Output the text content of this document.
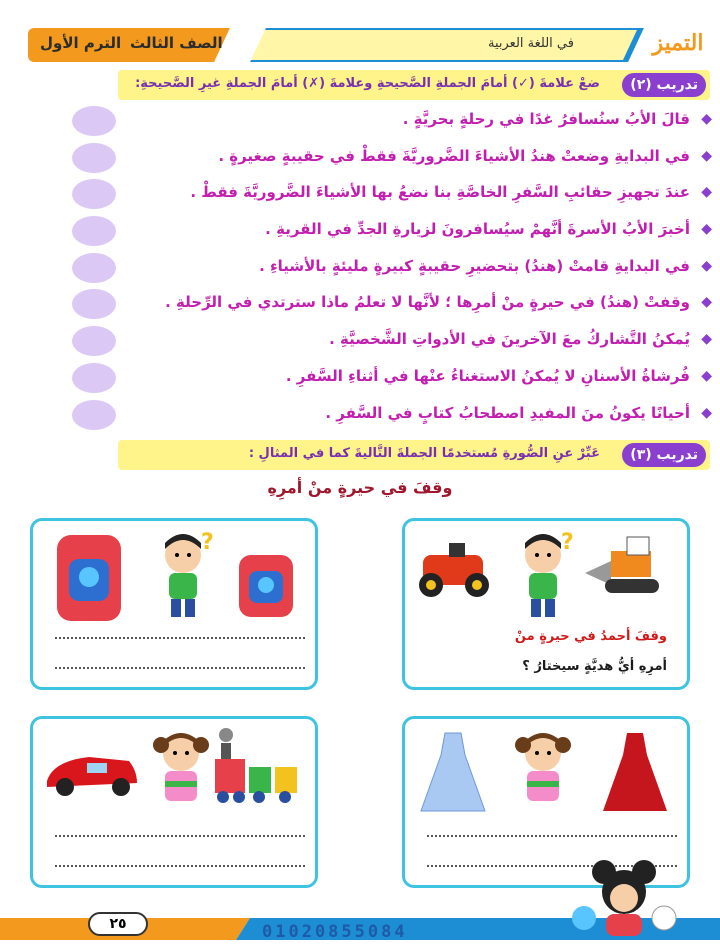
الترم الأول الصف الثالث	في اللغة العربية	التميز
تدريب (٢)
ضعْ علامةَ (✓) أمامَ الجملةِ الصَّحيحةِ وعلامةَ (✗) أمامَ الجملةِ غيرِ الصَّحيحةِ:
◆
قالَ الأبُ سنُسافرُ غدًا في رحلةٍ بحريَّةٍ .
◆
في البدايةِ وضعتْ هندُ الأشياءَ الضَّروريَّةَ فقطْ في حقيبةٍ صغيرةٍ .
◆
عندَ تجهيزِ حقائبِ السَّفرِ الخاصَّةِ بنا نضعُ بها الأشياءَ الضَّروريَّةَ فقطْ .
◆
أخبرَ الأبُ الأسرةَ أنَّهمْ سيُسافرونَ لزيارةِ الجدِّ في القريةِ .
◆
في البدايةِ قامتْ (هندُ) بتحضيرِ حقيبةٍ كبيرةٍ مليئةٍ بالأشياءِ .
◆
وقفتْ (هندُ) في حيرةٍ منْ أمرِها ؛ لأنَّها لا تعلمُ ماذا سترتدي في الرِّحلةِ .
◆
يُمكنُ التَّشاركُ معَ الآخرينَ في الأدواتِ الشَّخصيَّةِ .
◆
فُرشاةُ الأسنانِ لا يُمكنُ الاستغناءُ عنْها في أثناءِ السَّفرِ .
◆
أحيانًا يكونُ منَ المفيدِ اصطحابُ كتابٍ في السَّفرِ .
تدريب (٣)
عَبِّرْ عنِ الصُّورةِ مُستخدمًا الجملةَ التَّاليةَ كما في المثالِ :
وقفَ في حيرةٍ منْ أمرِهِ
?
وقفَ أحمدُ في حيرةٍ منْ
أمرِهِ أيُّ هديَّةٍ سيختارُ ؟
?
٢٥	01020855084
